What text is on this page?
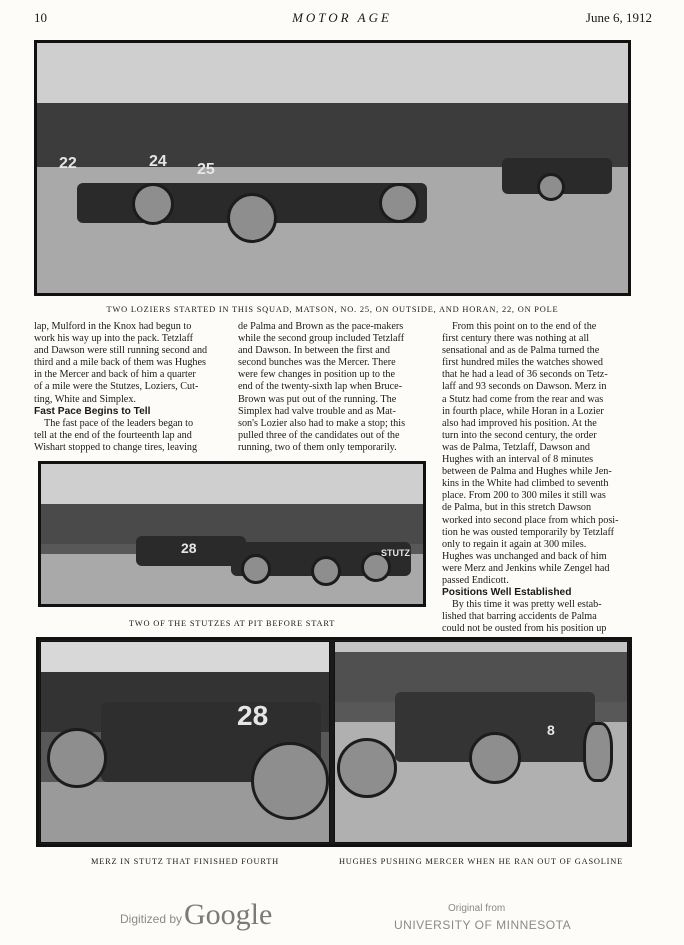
10	MOTOR AGE	June 6, 1912
22	24 25
TWO LOZIERS STARTED IN THIS SQUAD, MATSON, NO. 25, ON OUTSIDE, AND HORAN, 22, ON POLE

lap, Mulford in the Knox had begun to

work his way up into the pack. Tetzlaff

and Dawson were still running second and

third and a mile back of them was Hughes

in the Mercer and back of him a quarter

of a mile were the Stutzes, Loziers, Cut-

ting, White and Simplex.

Fast Pace Begins to Tell

The fast pace of the leaders began to

tell at the end of the fourteenth lap and

Wishart stopped to change tires, leaving

de Palma and Brown as the pace-makers

while the second group included Tetzlaff

and Dawson. In between the first and

second bunches was the Mercer. There

were few changes in position up to the

end of the twenty-sixth lap when Bruce-

Brown was put out of the running. The

Simplex had valve trouble and as Mat-

son's Lozier also had to make a stop; this

pulled three of the candidates out of the

running, two of them only temporarily.

From this point on to the end of the

first century there was nothing at all

sensational and as de Palma turned the

first hundred miles the watches showed

that he had a lead of 36 seconds on Tetz-

laff and 93 seconds on Dawson. Merz in

a Stutz had come from the rear and was

in fourth place, while Horan in a Lozier

also had improved his position. At the

turn into the second century, the order

was de Palma, Tetzlaff, Dawson and

Hughes with an interval of 8 minutes

between de Palma and Hughes while Jen-

kins in the White had climbed to seventh

place. From 200 to 300 miles it still was

de Palma, but in this stretch Dawson

worked into second place from which posi-

tion he was ousted temporarily by Tetzlaff

only to regain it again at 300 miles.

Hughes was unchanged and back of him

were Merz and Jenkins while Zengel had

passed Endicott.

Positions Well Established

By this time it was pretty well estab-

lished that barring accidents de Palma

could not be ousted from his position up

28	STUTZ
TWO OF THE STUTZES AT PIT BEFORE START
28	8
MERZ IN STUTZ THAT FINISHED FOURTH	HUGHES PUSHING MERCER WHEN HE RAN OUT OF GASOLINE
Digitized by Google	Original from
UNIVERSITY OF MINNESOTA
